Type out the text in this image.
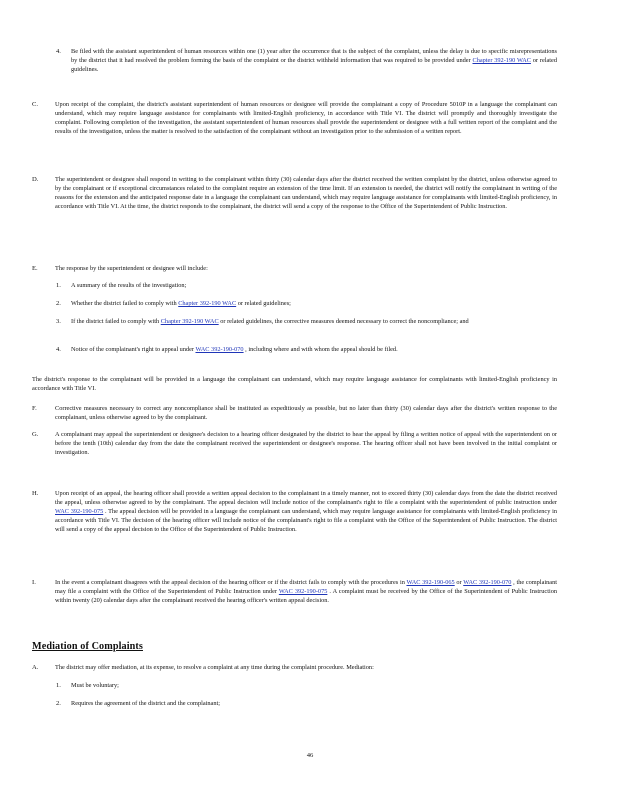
4. Be filed with the assistant superintendent of human resources within one (1) year after the occurrence that is the subject of the complaint, unless the delay is due to specific misrepresentations by the district that it had resolved the problem forming the basis of the complaint or the district withheld information that was required to be provided under Chapter 392-190 WAC or related guidelines.
C.	Upon receipt of the complaint, the district's assistant superintendent of human resources or designee will provide the complainant a copy of Procedure 5010P in a language the complainant can understand, which may require language assistance for complainants with limited-English proficiency, in accordance with Title VI. The district will promptly and thoroughly investigate the complaint. Following completion of the investigation, the assistant superintendent of human resources shall provide the superintendent or designee with a full written report of the complaint and the results of the investigation, unless the matter is resolved to the satisfaction of the complainant without an investigation prior to the submission of a written report.
D.	The superintendent or designee shall respond in writing to the complainant within thirty (30) calendar days after the district received the written complaint by the district, unless otherwise agreed to by the complainant or if exceptional circumstances related to the complaint require an extension of the time limit. If an extension is needed, the district will notify the complainant in writing of the reasons for the extension and the anticipated response date in a language the complainant can understand, which may require language assistance for complainants with limited-English proficiency, in accordance with Title VI. At the time, the district responds to the complainant, the district will send a copy of the response to the Office of the Superintendent of Public Instruction.
E.	The response by the superintendent or designee will include:
1. A summary of the results of the investigation;
2. Whether the district failed to comply with Chapter 392-190 WAC or related guidelines;
3. If the district failed to comply with Chapter 392-190 WAC or related guidelines, the corrective measures deemed necessary to correct the noncompliance; and
4. Notice of the complainant's right to appeal under WAC 392-190-070 , including where and with whom the appeal should be filed.
The district's response to the complainant will be provided in a language the complainant can understand, which may require language assistance for complainants with limited-English proficiency in accordance with Title VI.
F.	Corrective measures necessary to correct any noncompliance shall be instituted as expeditiously as possible, but no later than thirty (30) calendar days after the district's written response to the complainant, unless otherwise agreed to by the complainant.
G.	A complainant may appeal the superintendent or designee's decision to a hearing officer designated by the district to hear the appeal by filing a written notice of appeal with the superintendent on or before the tenth (10th) calendar day from the date the complainant received the superintendent or designee's response. The hearing officer shall not have been involved in the initial complaint or investigation.
H.	Upon receipt of an appeal, the hearing officer shall provide a written appeal decision to the complainant in a timely manner, not to exceed thirty (30) calendar days from the date the district received the appeal, unless otherwise agreed to by the complainant. The appeal decision will include notice of the complainant's right to file a complaint with the superintendent of public instruction under WAC 392-190-075 . The appeal decision will be provided in a language the complainant can understand, which may require language assistance for complainants with limited-English proficiency in accordance with Title VI. The decision of the hearing officer will include notice of the complainant's right to file a complaint with the Office of the Superintendent of Public Instruction. The district will send a copy of the appeal decision to the Office of the Superintendent of Public Instruction.
I.	In the event a complainant disagrees with the appeal decision of the hearing officer or if the district fails to comply with the procedures in WAC 392-190-065 or WAC 392-190-070 , the complainant may file a complaint with the Office of the Superintendent of Public Instruction under WAC 392-190-075 . A complaint must be received by the Office of the Superintendent of Public Instruction within twenty (20) calendar days after the complainant received the hearing officer's written appeal decision.
Mediation of Complaints
A.	The district may offer mediation, at its expense, to resolve a complaint at any time during the complaint procedure. Mediation:
1. Must be voluntary;
2. Requires the agreement of the district and the complainant;
46
